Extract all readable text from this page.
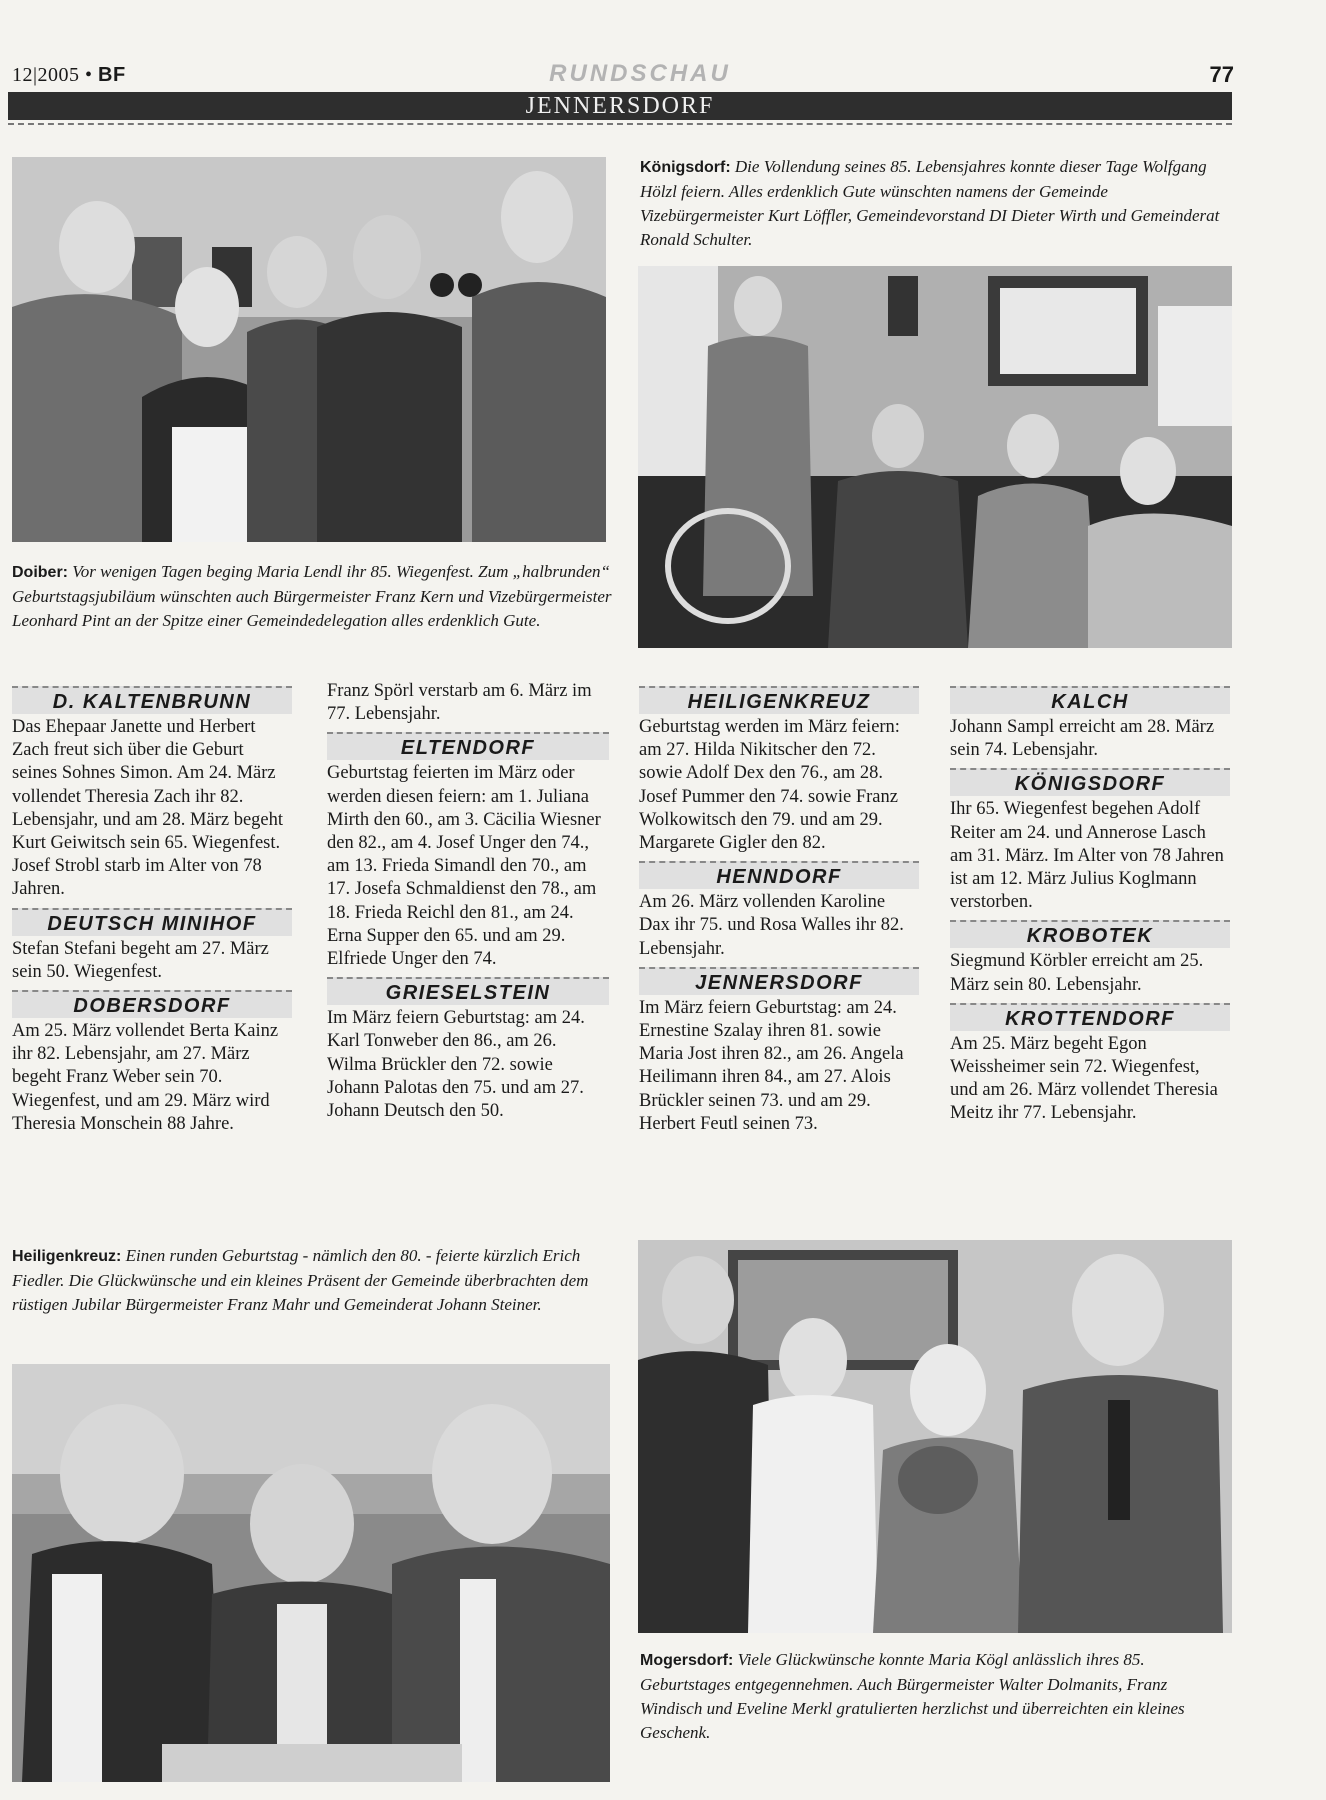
12|2005 • BF	RUNDSCHAU	77
JENNERSDORF
Königsdorf: Die Vollendung seines 85. Lebensjahres konnte dieser Tage Wolfgang Hölzl feiern. Alles erdenklich Gute wünschten namens der Gemeinde Vizebürgermeister Kurt Löffler, Gemeindevorstand DI Dieter Wirth und Gemeinderat Ronald Schulter.
Doiber: Vor wenigen Tagen beging Maria Lendl ihr 85. Wiegenfest. Zum „halbrunden“ Geburtstagsjubiläum wünschten auch Bürgermeister Franz Kern und Vizebürgermeister Leonhard Pint an der Spitze einer Gemeindedelegation alles erdenklich Gute.
D. KALTENBRUNN

Das Ehepaar Janette und Herbert Zach freut sich über die Geburt seines Sohnes Simon. Am 24. März vollendet Theresia Zach ihr 82. Lebensjahr, und am 28. März begeht Kurt Geiwitsch sein 65. Wiegenfest. Josef Strobl starb im Alter von 78 Jahren.

DEUTSCH MINIHOF

Stefan Stefani begeht am 27. März sein 50. Wiegenfest.

DOBERSDORF

Am 25. März vollendet Berta Kainz ihr 82. Lebensjahr, am 27. März begeht Franz Weber sein 70. Wiegenfest, und am 29. März wird Theresia Monschein 88 Jahre.

Franz Spörl verstarb am 6. März im 77. Lebensjahr.

ELTENDORF

Geburtstag feierten im März oder werden diesen feiern: am 1. Juliana Mirth den 60., am 3. Cäcilia Wiesner den 82., am 4. Josef Unger den 74., am 13. Frieda Simandl den 70., am 17. Josefa Schmaldienst den 78., am 18. Frieda Reichl den 81., am 24. Erna Supper den 65. und am 29. Elfriede Unger den 74.

GRIESELSTEIN

Im März feiern Geburtstag: am 24. Karl Tonweber den 86., am 26. Wilma Brückler den 72. sowie Johann Palotas den 75. und am 27. Johann Deutsch den 50.

HEILIGENKREUZ

Geburtstag werden im März feiern: am 27. Hilda Nikitscher den 72. sowie Adolf Dex den 76., am 28. Josef Pummer den 74. sowie Franz Wolkowitsch den 79. und am 29. Margarete Gigler den 82.

HENNDORF

Am 26. März vollenden Karoline Dax ihr 75. und Rosa Walles ihr 82. Lebensjahr.

JENNERSDORF

Im März feiern Geburtstag: am 24. Ernestine Szalay ihren 81. sowie Maria Jost ihren 82., am 26. Angela Heilimann ihren 84., am 27. Alois Brückler seinen 73. und am 29. Herbert Feutl seinen 73.

KALCH

Johann Sampl erreicht am 28. März sein 74. Lebensjahr.

KÖNIGSDORF

Ihr 65. Wiegenfest begehen Adolf Reiter am 24. und Annerose Lasch am 31. März. Im Alter von 78 Jahren ist am 12. März Julius Koglmann verstorben.

KROBOTEK

Siegmund Körbler erreicht am 25. März sein 80. Lebensjahr.

KROTTENDORF

Am 25. März begeht Egon Weissheimer sein 72. Wiegenfest, und am 26. März vollendet Theresia Meitz ihr 77. Lebensjahr.

Heiligenkreuz: Einen runden Geburtstag - nämlich den 80. - feierte kürzlich Erich Fiedler. Die Glückwünsche und ein kleines Präsent der Gemeinde überbrachten dem rüstigen Jubilar Bürgermeister Franz Mahr und Gemeinderat Johann Steiner.
Mogersdorf: Viele Glückwünsche konnte Maria Kögl anlässlich ihres 85. Geburtstages entgegennehmen. Auch Bürgermeister Walter Dolmanits, Franz Windisch und Eveline Merkl gratulierten herzlichst und überreichten ein kleines Geschenk.
